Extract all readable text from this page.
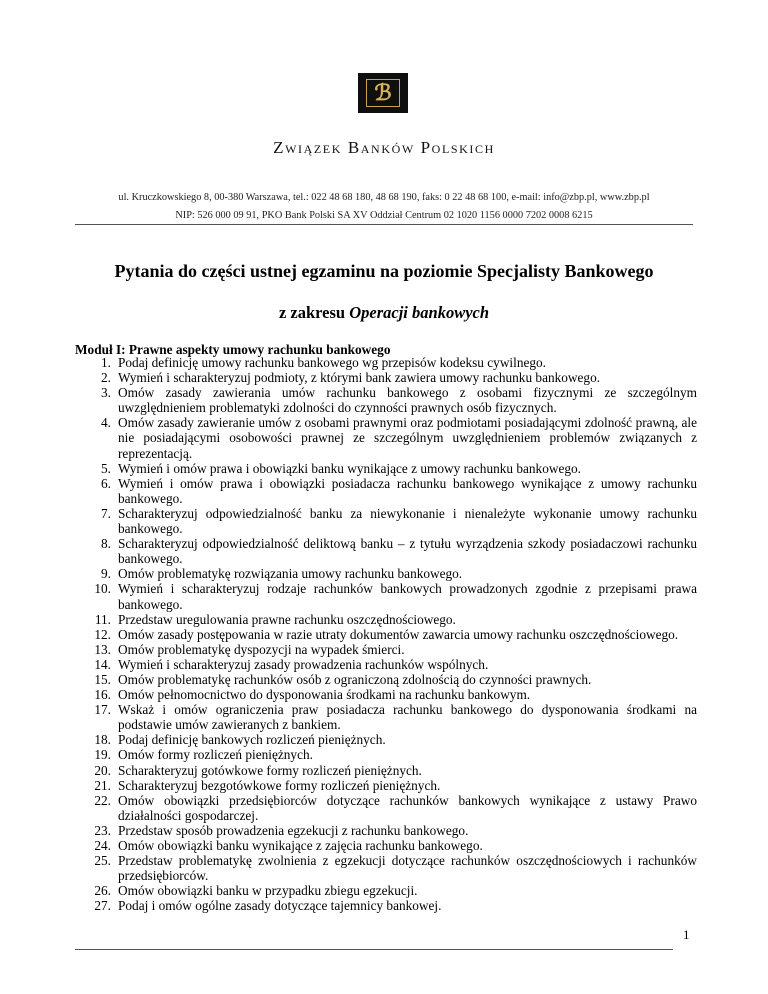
ℬ
Związek Banków Polskich
ul. Kruczkowskiego 8, 00-380 Warszawa, tel.: 022 48 68 180, 48 68 190, faks: 0 22 48 68 100, e-mail: info@zbp.pl, www.zbp.pl
NIP: 526 000 09 91, PKO Bank Polski SA XV Oddział Centrum 02 1020 1156 0000 7202 0008 6215
Pytania do części ustnej egzaminu na poziomie Specjalisty Bankowego
z zakresu Operacji bankowych
Moduł I: Prawne aspekty umowy rachunku bankowego
1. Podaj definicję umowy rachunku bankowego wg przepisów kodeksu cywilnego.
2. Wymień i scharakteryzuj podmioty, z którymi bank zawiera umowy rachunku bankowego.
3. Omów zasady zawierania umów rachunku bankowego z osobami fizycznymi ze szczególnym uwzględnieniem problematyki zdolności do czynności prawnych osób fizycznych.
4. Omów zasady zawieranie umów z osobami prawnymi oraz podmiotami posiadającymi zdolność prawną, ale nie posiadającymi osobowości prawnej ze szczególnym uwzględnieniem problemów związanych z reprezentacją.
5. Wymień i omów prawa i obowiązki banku wynikające z umowy rachunku bankowego.
6. Wymień i omów prawa i obowiązki posiadacza rachunku bankowego wynikające z umowy rachunku bankowego.
7. Scharakteryzuj odpowiedzialność banku za niewykonanie i nienależyte wykonanie umowy rachunku bankowego.
8. Scharakteryzuj odpowiedzialność deliktową banku – z tytułu wyrządzenia szkody posiadaczowi rachunku bankowego.
9. Omów problematykę rozwiązania umowy rachunku bankowego.
10. Wymień i scharakteryzuj rodzaje rachunków bankowych prowadzonych zgodnie z przepisami prawa bankowego.
11. Przedstaw uregulowania prawne rachunku oszczędnościowego.
12. Omów zasady postępowania w razie utraty dokumentów zawarcia umowy rachunku oszczędnościowego.
13. Omów problematykę dyspozycji na wypadek śmierci.
14. Wymień i scharakteryzuj zasady prowadzenia rachunków wspólnych.
15. Omów problematykę rachunków osób z ograniczoną zdolnością do czynności prawnych.
16. Omów pełnomocnictwo do dysponowania środkami na rachunku bankowym.
17. Wskaż i omów ograniczenia praw posiadacza rachunku bankowego do dysponowania środkami na podstawie umów zawieranych z bankiem.
18. Podaj definicję bankowych rozliczeń pieniężnych.
19. Omów formy rozliczeń pieniężnych.
20. Scharakteryzuj gotówkowe formy rozliczeń pieniężnych.
21. Scharakteryzuj bezgotówkowe formy rozliczeń pieniężnych.
22. Omów obowiązki przedsiębiorców dotyczące rachunków bankowych wynikające z ustawy Prawo działalności gospodarczej.
23. Przedstaw sposób prowadzenia egzekucji z rachunku bankowego.
24. Omów obowiązki banku wynikające z zajęcia rachunku bankowego.
25. Przedstaw problematykę zwolnienia z egzekucji dotyczące rachunków oszczędnościowych i rachunków przedsiębiorców.
26. Omów obowiązki banku w przypadku zbiegu egzekucji.
27. Podaj i omów ogólne zasady dotyczące tajemnicy bankowej.
1
